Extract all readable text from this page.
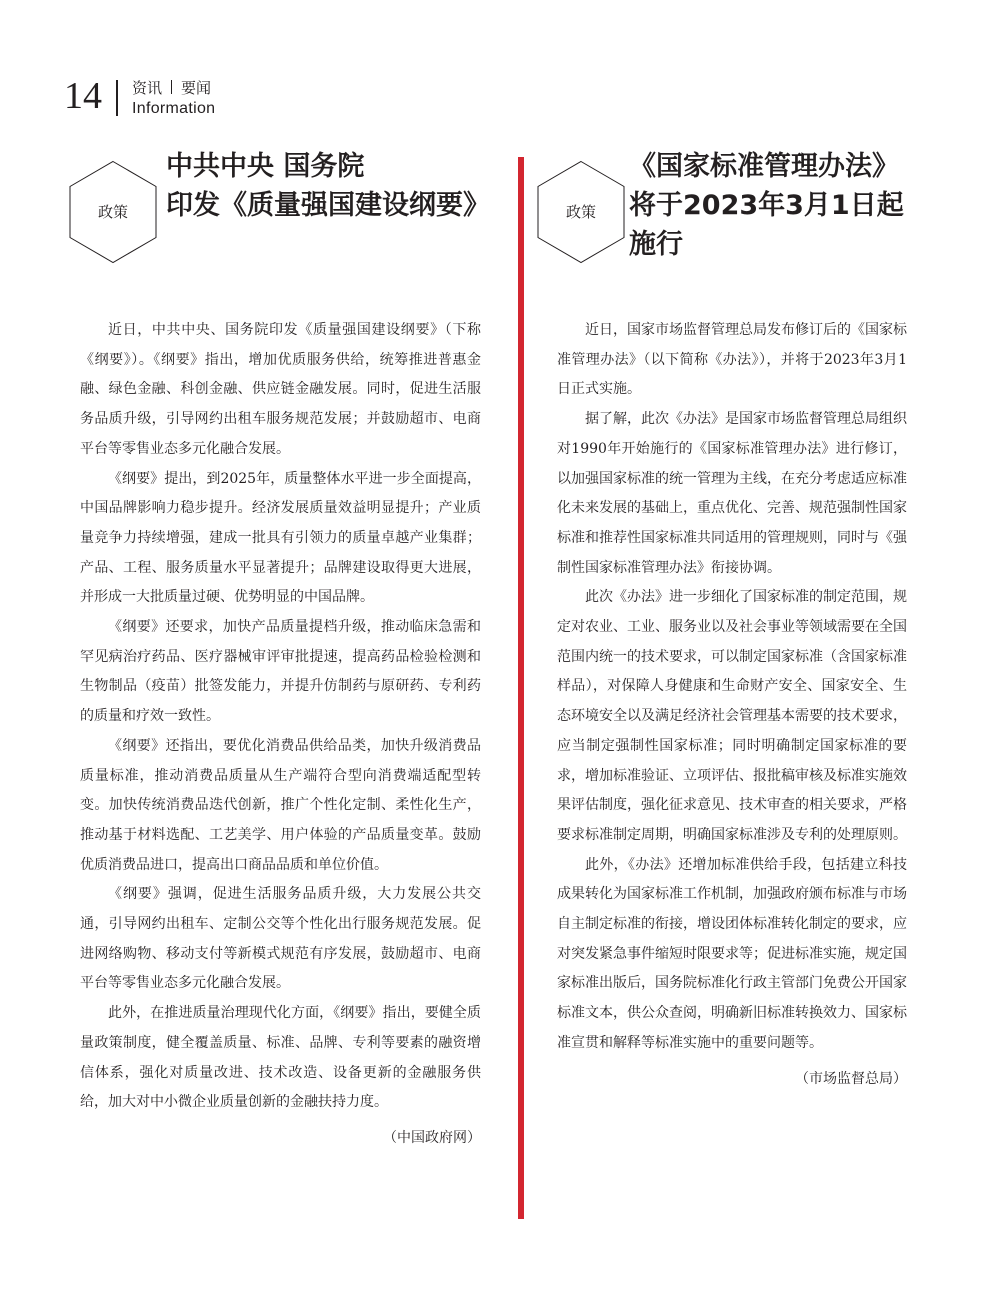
14 资讯 要闻
Information
政策
中共中央 国务院
印发《质量强国建设纲要》

近日，中共中央、国务院印发《质量强国建设纲要》（下称《纲要》）。《纲要》指出，增加优质服务供给，统筹推进普惠金融、绿色金融、科创金融、供应链金融发展。同时，促进生活服务品质升级，引导网约出租车服务规范发展；并鼓励超市、电商平台等零售业态多元化融合发展。

《纲要》提出，到2025年，质量整体水平进一步全面提高，中国品牌影响力稳步提升。经济发展质量效益明显提升；产业质量竞争力持续增强，建成一批具有引领力的质量卓越产业集群；产品、工程、服务质量水平显著提升；品牌建设取得更大进展，并形成一大批质量过硬、优势明显的中国品牌。

《纲要》还要求，加快产品质量提档升级，推动临床急需和罕见病治疗药品、医疗器械审评审批提速，提高药品检验检测和生物制品（疫苗）批签发能力，并提升仿制药与原研药、专利药的质量和疗效一致性。

《纲要》还指出，要优化消费品供给品类，加快升级消费品质量标准，推动消费品质量从生产端符合型向消费端适配型转变。加快传统消费品迭代创新，推广个性化定制、柔性化生产，推动基于材料选配、工艺美学、用户体验的产品质量变革。鼓励优质消费品进口，提高出口商品品质和单位价值。

《纲要》强调，促进生活服务品质升级，大力发展公共交通，引导网约出租车、定制公交等个性化出行服务规范发展。促进网络购物、移动支付等新模式规范有序发展，鼓励超市、电商平台等零售业态多元化融合发展。

此外，在推进质量治理现代化方面，《纲要》指出，要健全质量政策制度，健全覆盖质量、标准、品牌、专利等要素的融资增信体系，强化对质量改进、技术改造、设备更新的金融服务供给，加大对中小微企业质量创新的金融扶持力度。

（中国政府网）

政策
《国家标准管理办法》
将于2023年3月1日起
施行

近日，国家市场监督管理总局发布修订后的《国家标准管理办法》（以下简称《办法》），并将于2023年3月1日正式实施。

据了解，此次《办法》是国家市场监督管理总局组织对1990年开始施行的《国家标准管理办法》进行修订，以加强国家标准的统一管理为主线，在充分考虑适应标准化未来发展的基础上，重点优化、完善、规范强制性国家标准和推荐性国家标准共同适用的管理规则，同时与《强制性国家标准管理办法》衔接协调。

此次《办法》进一步细化了国家标准的制定范围，规定对农业、工业、服务业以及社会事业等领域需要在全国范围内统一的技术要求，可以制定国家标准（含国家标准样品），对保障人身健康和生命财产安全、国家安全、生态环境安全以及满足经济社会管理基本需要的技术要求，应当制定强制性国家标准；同时明确制定国家标准的要求，增加标准验证、立项评估、报批稿审核及标准实施效果评估制度，强化征求意见、技术审查的相关要求，严格要求标准制定周期，明确国家标准涉及专利的处理原则。

此外，《办法》还增加标准供给手段，包括建立科技成果转化为国家标准工作机制，加强政府颁布标准与市场自主制定标准的衔接，增设团体标准转化制定的要求，应对突发紧急事件缩短时限要求等；促进标准实施，规定国家标准出版后，国务院标准化行政主管部门免费公开国家标准文本，供公众查阅，明确新旧标准转换效力、国家标准宣贯和解释等标准实施中的重要问题等。

（市场监督总局）
